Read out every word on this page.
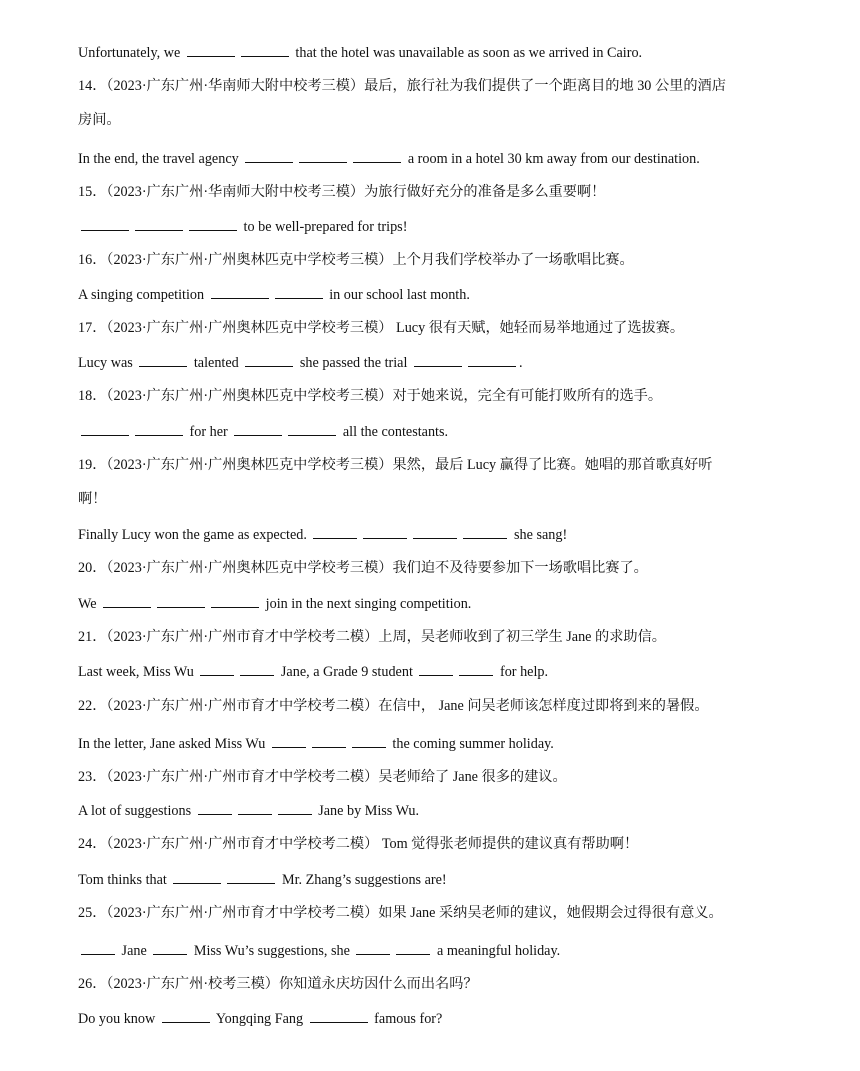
Unfortunately, we	that the hotel was unavailable as soon as we arrived in Cairo.
14．（2023·广东广州·华南师大附中校考三模）最后，旅行社为我们提供了一个距离目的地 30 公里的酒店
房间。
In the end, the travel agency	a room in a hotel 30 km away from our destination.
15．（2023·广东广州·华南师大附中校考三模）为旅行做好充分的准备是多么重要啊！
to be well-prepared for trips!
16．（2023·广东广州·广州奥林匹克中学校考三模）上个月我们学校举办了一场歌唱比赛。
A singing competition	in our school last month.
17．（2023·广东广州·广州奥林匹克中学校考三模） Lucy 很有天赋，她轻而易举地通过了选拔赛。
Lucy was	talented	she passed the trial	.
18．（2023·广东广州·广州奥林匹克中学校考三模）对于她来说，完全有可能打败所有的选手。
for her	all the contestants.
19．（2023·广东广州·广州奥林匹克中学校考三模）果然，最后 Lucy 赢得了比赛。她唱的那首歌真好听
啊！
Finally Lucy won the game as expected.	she sang!
20．（2023·广东广州·广州奥林匹克中学校考三模）我们迫不及待要参加下一场歌唱比赛了。
We	join in the next singing competition.
21．（2023·广东广州·广州市育才中学校考二模）上周，吴老师收到了初三学生 Jane 的求助信。
Last week, Miss Wu	Jane, a Grade 9 student	for help.
22．（2023·广东广州·广州市育才中学校考二模）在信中， Jane 问吴老师该怎样度过即将到来的暑假。
In the letter, Jane asked Miss Wu	the coming summer holiday.
23．（2023·广东广州·广州市育才中学校考二模）吴老师给了 Jane 很多的建议。
A lot of suggestions	Jane by Miss Wu.
24．（2023·广东广州·广州市育才中学校考二模） Tom 觉得张老师提供的建议真有帮助啊！
Tom thinks that	Mr. Zhang’s suggestions are!
25．（2023·广东广州·广州市育才中学校考二模）如果 Jane 采纳吴老师的建议，她假期会过得很有意义。
Jane	Miss Wu’s suggestions, she	a meaningful holiday.
26．（2023·广东广州·校考三模）你知道永庆坊因什么而出名吗？
Do you know	Yongqing Fang	famous for?
